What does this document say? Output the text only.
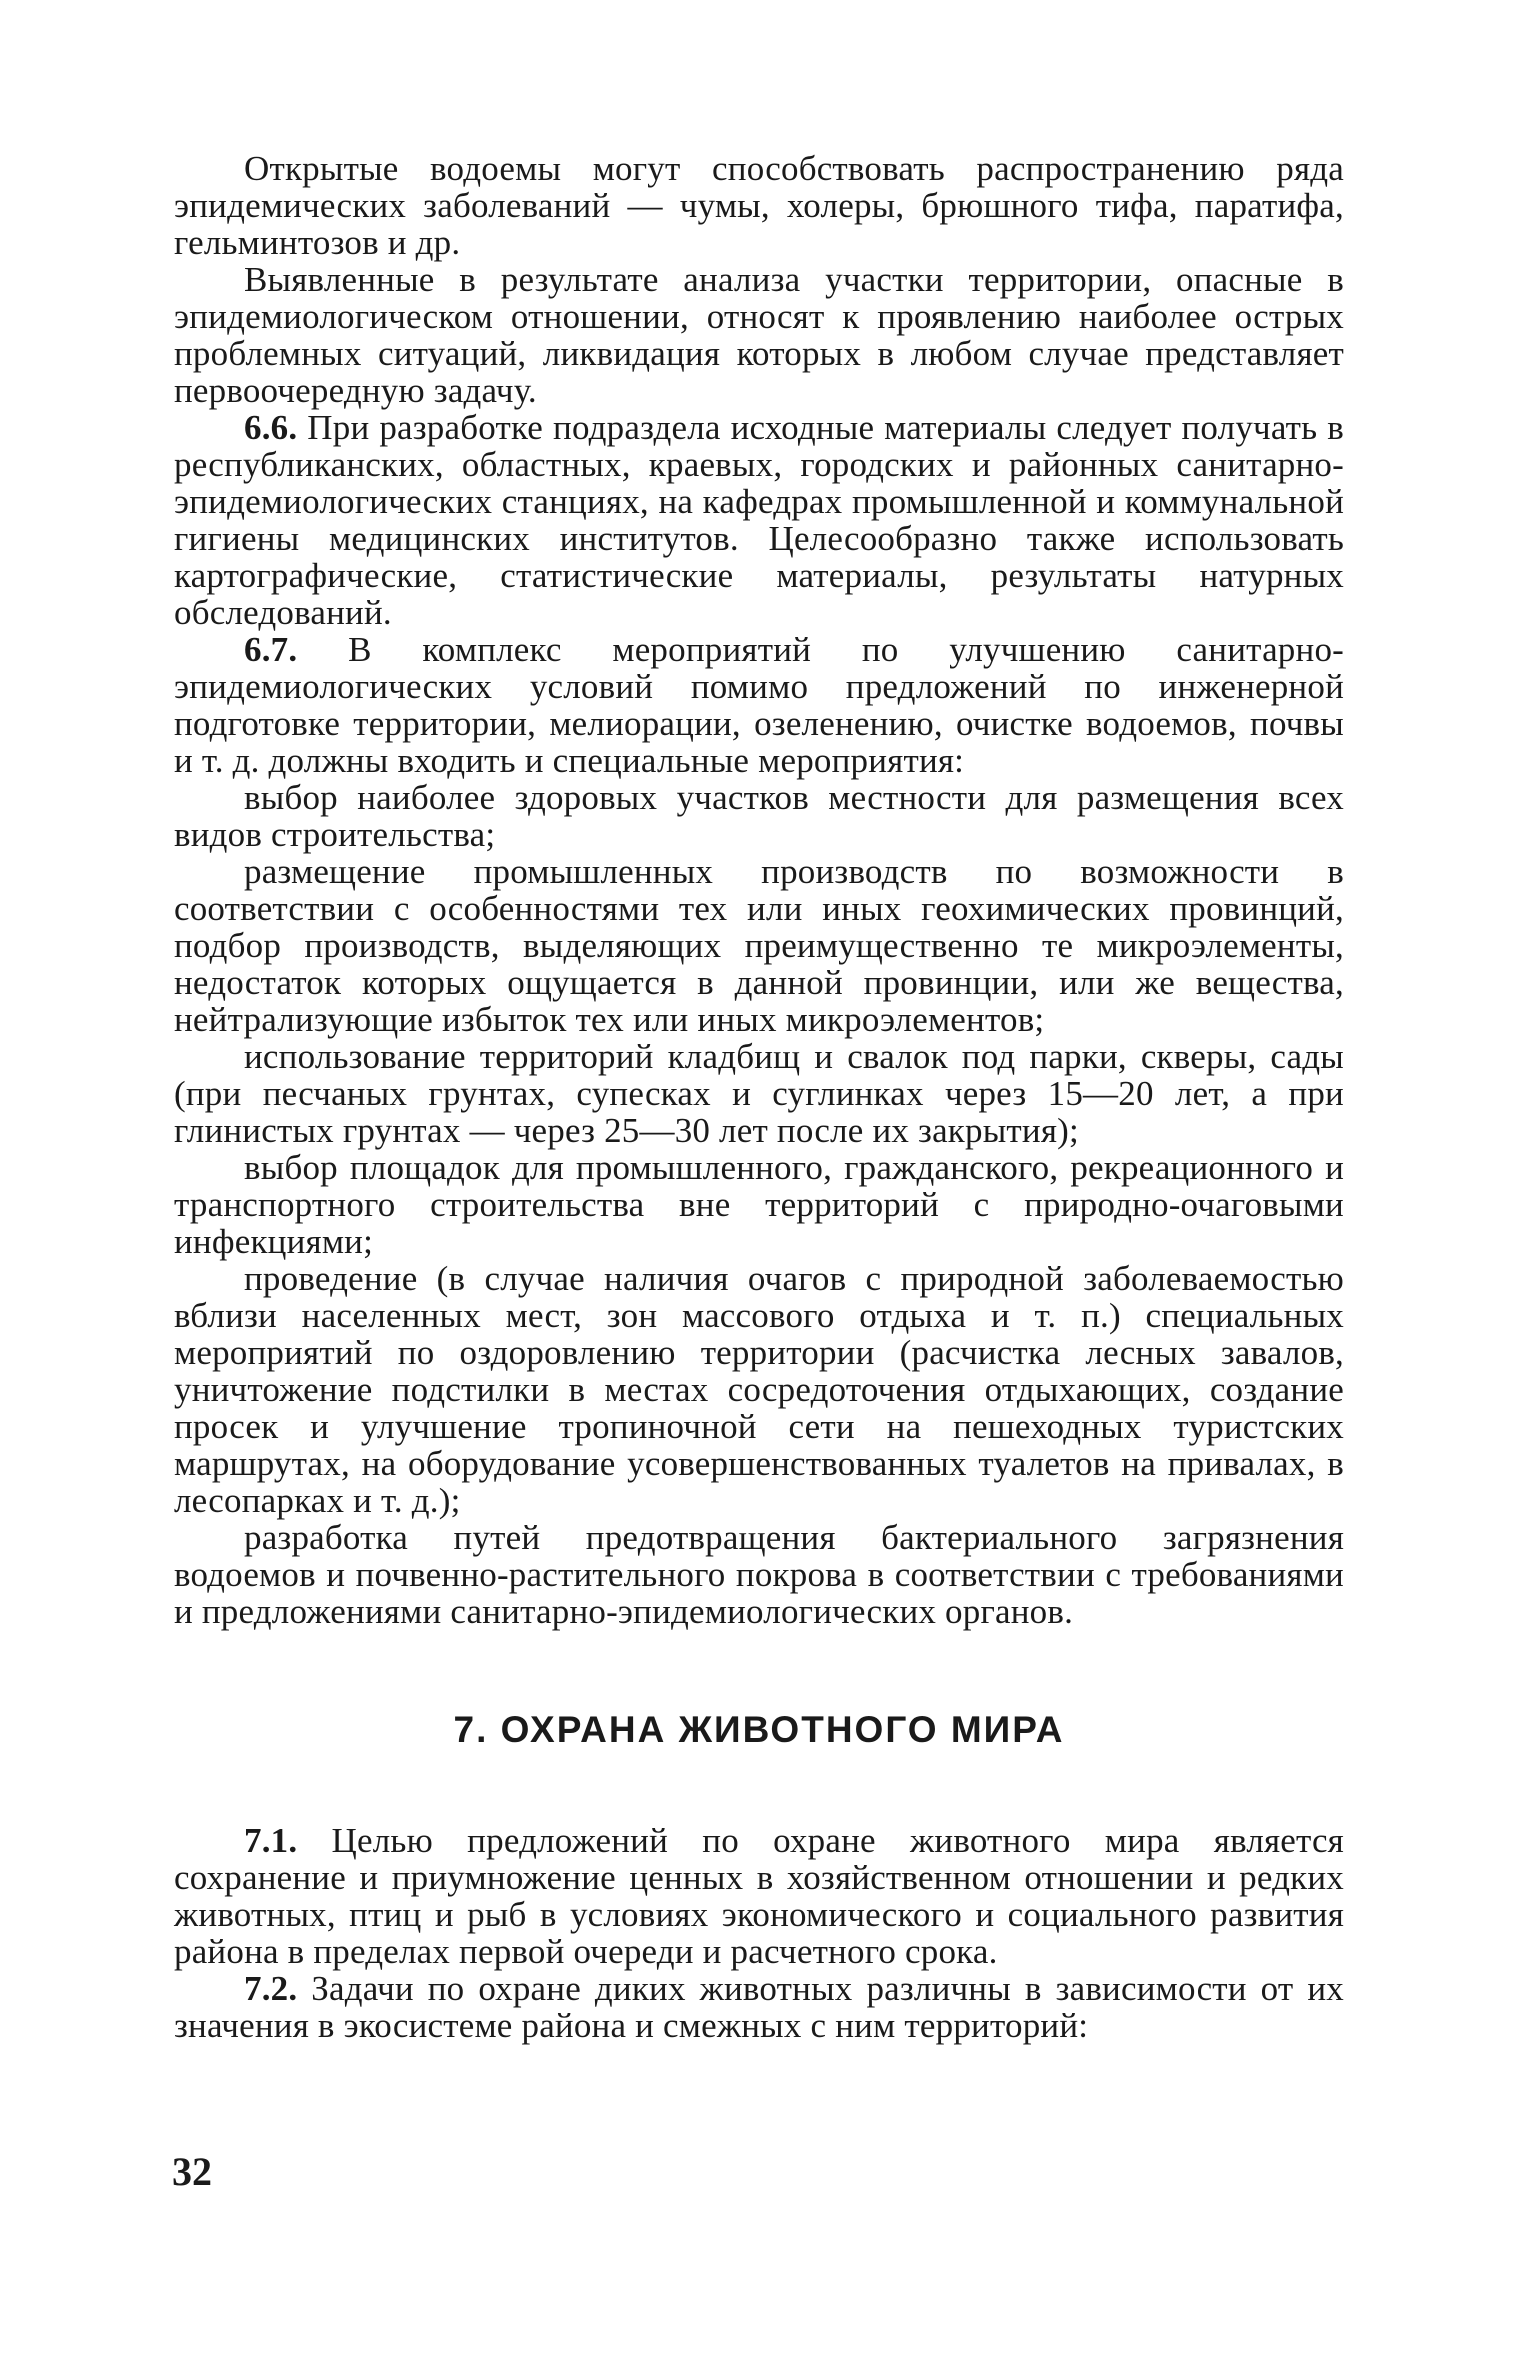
Открытые водоемы могут способствовать распространению ряда эпидемических заболеваний — чумы, холеры, брюшного тифа, паратифа, гельминтозов и др.

Выявленные в результате анализа участки территории, опасные в эпидемиологическом отношении, относят к проявлению наиболее острых проблемных ситуаций, ликвидация которых в любом случае представляет первоочередную задачу.

6.6. При разработке подраздела исходные материалы следует получать в республиканских, областных, краевых, городских и районных санитарно-эпидемиологических станциях, на кафедрах промышленной и коммунальной гигиены медицинских институтов. Целесообразно также использовать картографические, статистические материалы, результаты натурных обследований.

6.7. В комплекс мероприятий по улучшению санитарно-эпидемиологических условий помимо предложений по инженерной подготовке территории, мелиорации, озеленению, очистке водоемов, почвы и т. д. должны входить и специальные мероприятия:

выбор наиболее здоровых участков местности для размещения всех видов строительства;

размещение промышленных производств по возможности в соответствии с особенностями тех или иных геохимических провинций, подбор производств, выделяющих преимущественно те микроэлементы, недостаток которых ощущается в данной провинции, или же вещества, нейтрализующие избыток тех или иных микроэлементов;

использование территорий кладбищ и свалок под парки, скверы, сады (при песчаных грунтах, супесках и суглинках через 15—20 лет, а при глинистых грунтах — через 25—30 лет после их закрытия);

выбор площадок для промышленного, гражданского, рекреационного и транспортного строительства вне территорий с природно-очаговыми инфекциями;

проведение (в случае наличия очагов с природной заболеваемостью вблизи населенных мест, зон массового отдыха и т. п.) специальных мероприятий по оздоровлению территории (расчистка лесных завалов, уничтожение подстилки в местах сосредоточения отдыхающих, создание просек и улучшение тропиночной сети на пешеходных туристских маршрутах, на оборудование усовершенствованных туалетов на привалах, в лесопарках и т. д.);

разработка путей предотвращения бактериального загрязнения водоемов и почвенно-растительного покрова в соответствии с требованиями и предложениями санитарно-эпидемиологических органов.

7. ОХРАНА ЖИВОТНОГО МИРА

7.1. Целью предложений по охране животного мира является сохранение и приумножение ценных в хозяйственном отношении и редких животных, птиц и рыб в условиях экономического и социального развития района в пределах первой очереди и расчетного срока.

7.2. Задачи по охране диких животных различны в зависимости от их значения в экосистеме района и смежных с ним территорий:

32
